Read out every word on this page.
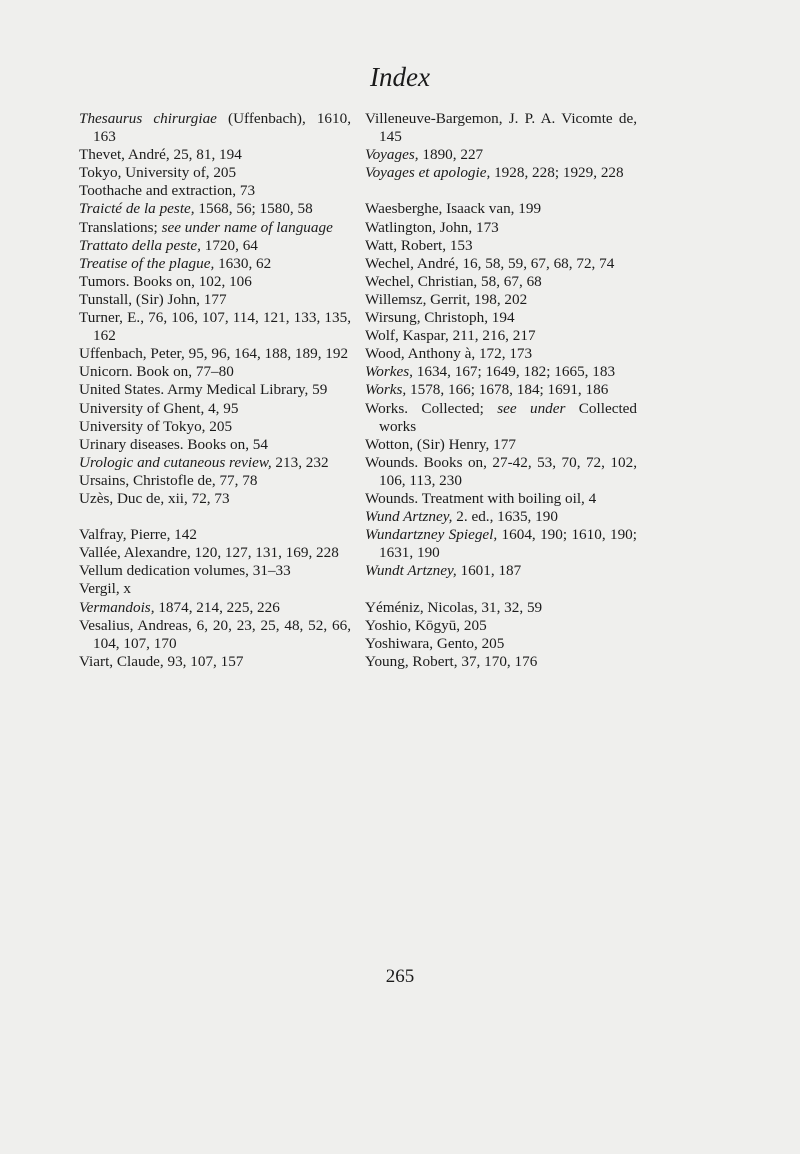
Index
Thesaurus chirurgiae (Uffenbach), 1610, 163
Thevet, André, 25, 81, 194
Tokyo, University of, 205
Toothache and extraction, 73
Traicté de la peste, 1568, 56; 1580, 58
Translations; see under name of language
Trattato della peste, 1720, 64
Treatise of the plague, 1630, 62
Tumors. Books on, 102, 106
Tunstall, (Sir) John, 177
Turner, E., 76, 106, 107, 114, 121, 133, 135, 162
Uffenbach, Peter, 95, 96, 164, 188, 189, 192
Unicorn. Book on, 77–80
United States. Army Medical Library, 59
University of Ghent, 4, 95
University of Tokyo, 205
Urinary diseases. Books on, 54
Urologic and cutaneous review, 213, 232
Ursains, Christofle de, 77, 78
Uzès, Duc de, xii, 72, 73
Valfray, Pierre, 142
Vallée, Alexandre, 120, 127, 131, 169, 228
Vellum dedication volumes, 31–33
Vergil, x
Vermandois, 1874, 214, 225, 226
Vesalius, Andreas, 6, 20, 23, 25, 48, 52, 66, 104, 107, 170
Viart, Claude, 93, 107, 157
Villeneuve-Bargemon, J. P. A. Vicomte de, 145
Voyages, 1890, 227
Voyages et apologie, 1928, 228; 1929, 228
Waesberghe, Isaack van, 199
Watlington, John, 173
Watt, Robert, 153
Wechel, André, 16, 58, 59, 67, 68, 72, 74
Wechel, Christian, 58, 67, 68
Willemsz, Gerrit, 198, 202
Wirsung, Christoph, 194
Wolf, Kaspar, 211, 216, 217
Wood, Anthony à, 172, 173
Workes, 1634, 167; 1649, 182; 1665, 183
Works, 1578, 166; 1678, 184; 1691, 186
Works. Collected; see under Collected works
Wotton, (Sir) Henry, 177
Wounds. Books on, 27-42, 53, 70, 72, 102, 106, 113, 230
Wounds. Treatment with boiling oil, 4
Wund Artzney, 2. ed., 1635, 190
Wundartzney Spiegel, 1604, 190; 1610, 190; 1631, 190
Wundt Artzney, 1601, 187
Yéméniz, Nicolas, 31, 32, 59
Yoshio, Kōgyū, 205
Yoshiwara, Gento, 205
Young, Robert, 37, 170, 176
265
